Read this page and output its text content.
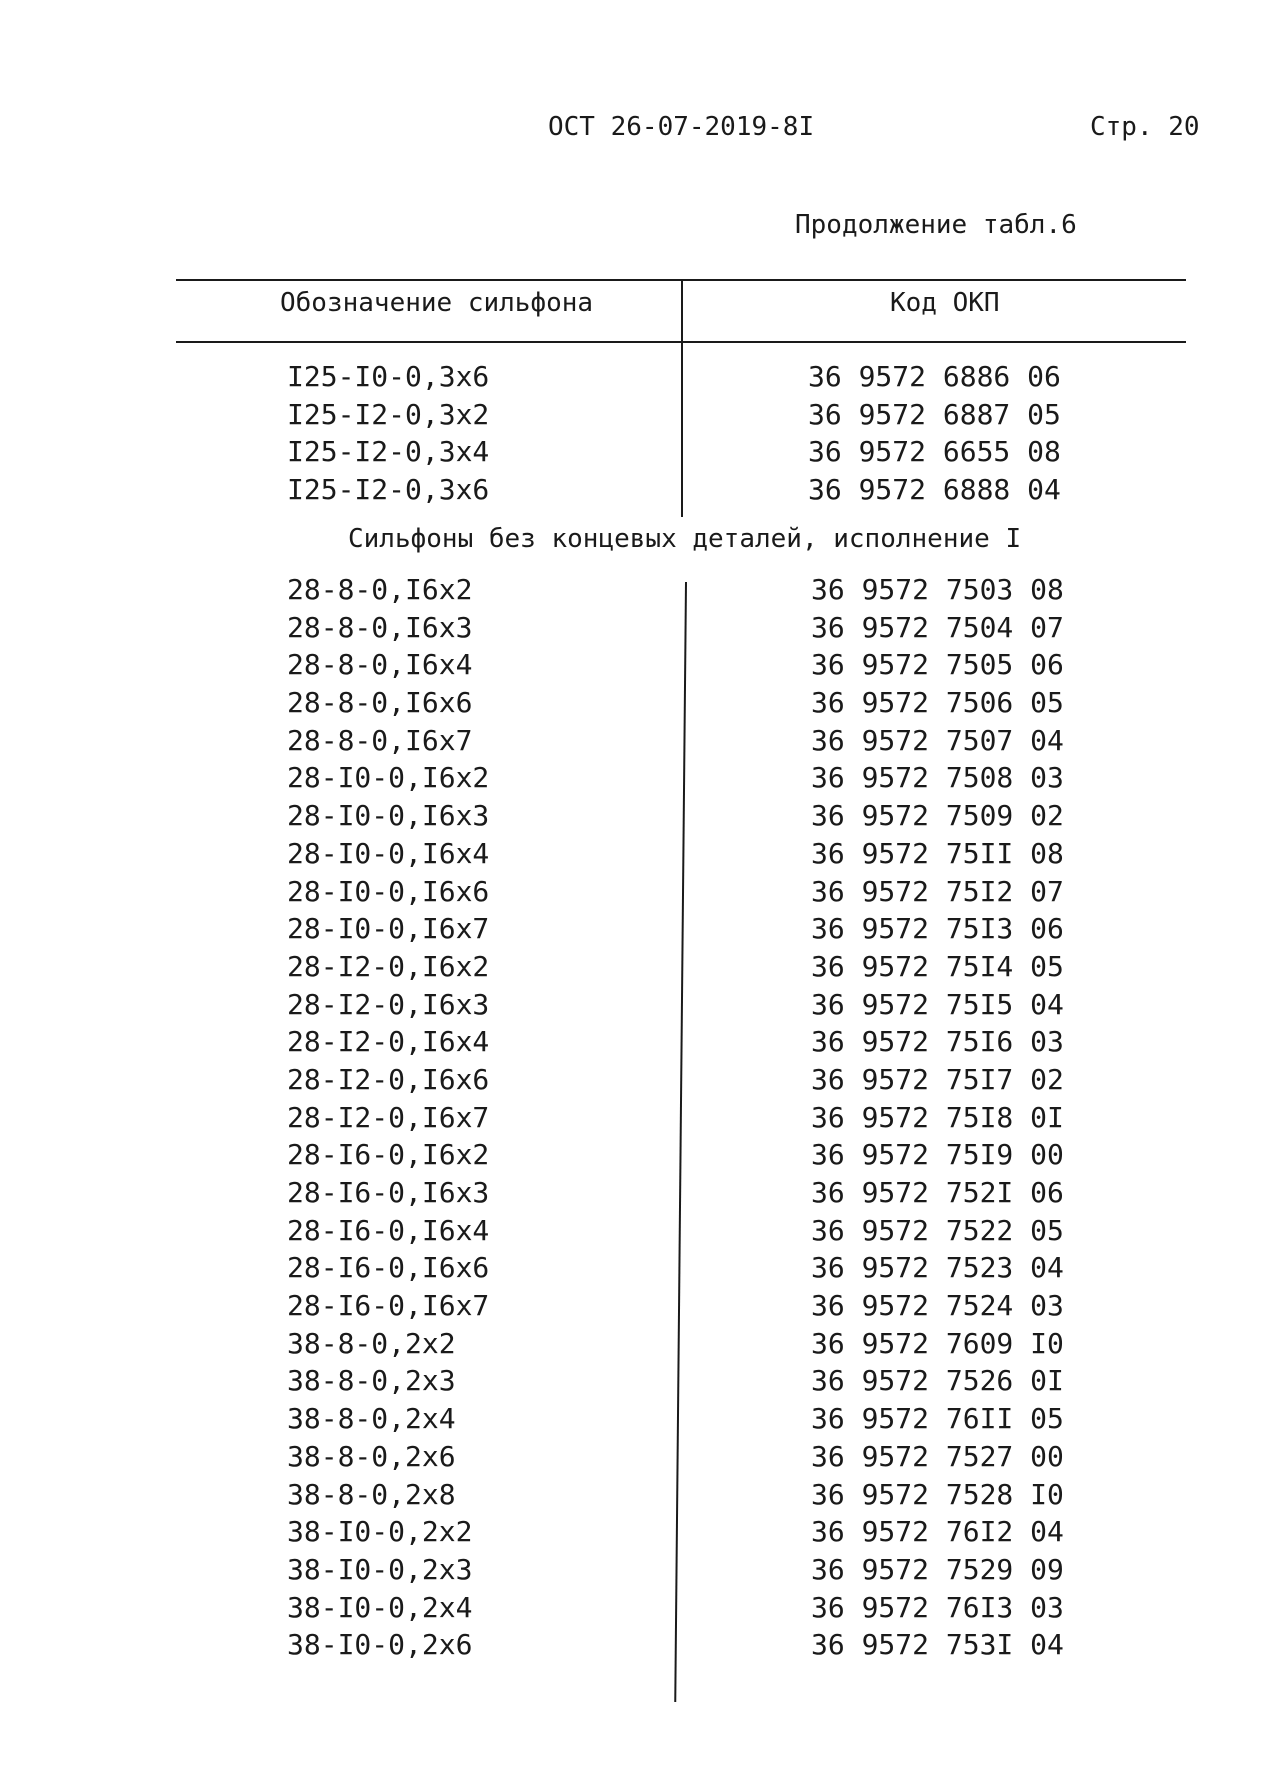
ОСТ 26-07-2019-8I	Стр. 20
Продолжение табл.6
Обозначение сильфона	Код ОКП
I25-I0-0,3x6
I25-I2-0,3x2
I25-I2-0,3x4
I25-I2-0,3x6
36 9572 6886 06
36 9572 6887 05
36 9572 6655 08
36 9572 6888 04
Сильфоны без концевых деталей, исполнение I
28-8-0,I6x2
28-8-0,I6x3
28-8-0,I6x4
28-8-0,I6x6
28-8-0,I6x7
28-I0-0,I6x2
28-I0-0,I6x3
28-I0-0,I6x4
28-I0-0,I6x6
28-I0-0,I6x7
28-I2-0,I6x2
28-I2-0,I6x3
28-I2-0,I6x4
28-I2-0,I6x6
28-I2-0,I6x7
28-I6-0,I6x2
28-I6-0,I6x3
28-I6-0,I6x4
28-I6-0,I6x6
28-I6-0,I6x7
38-8-0,2x2
38-8-0,2x3
38-8-0,2x4
38-8-0,2x6
38-8-0,2x8
38-I0-0,2x2
38-I0-0,2x3
38-I0-0,2x4
38-I0-0,2x6
36 9572 7503 08
36 9572 7504 07
36 9572 7505 06
36 9572 7506 05
36 9572 7507 04
36 9572 7508 03
36 9572 7509 02
36 9572 75II 08
36 9572 75I2 07
36 9572 75I3 06
36 9572 75I4 05
36 9572 75I5 04
36 9572 75I6 03
36 9572 75I7 02
36 9572 75I8 0I
36 9572 75I9 00
36 9572 752I 06
36 9572 7522 05
36 9572 7523 04
36 9572 7524 03
36 9572 7609 I0
36 9572 7526 0I
36 9572 76II 05
36 9572 7527 00
36 9572 7528 I0
36 9572 76I2 04
36 9572 7529 09
36 9572 76I3 03
36 9572 753I 04
